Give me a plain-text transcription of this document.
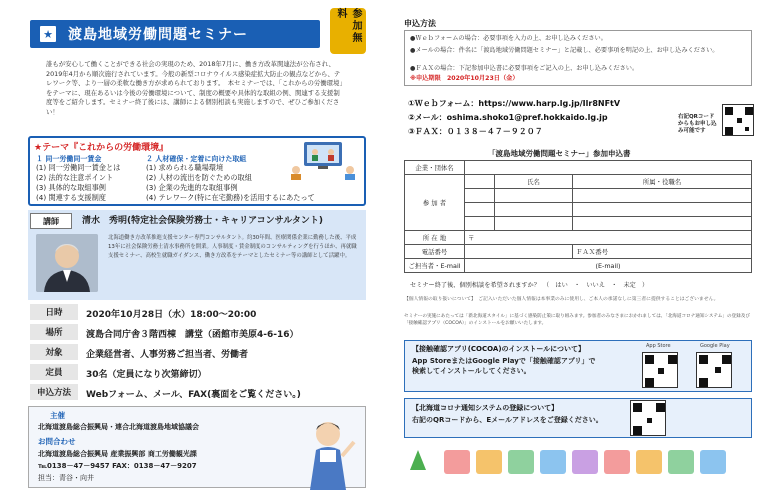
★	渡島地域労働問題セミナー	参加無料
誰もが安心して働くことができる社会の実現のため、2018年7月に、働き方改革関連法が公布され、2019年4月から順次施行されています。今般の新型コロナウイルス感染症拡大防止の観点などから、テレワーク等、より一層の柔軟な働き方が求められております。　本セミナーでは、「これからの労働環境」をテーマに、現在あるいは今後の労働環境について、制度の概要や具体的な取組の例、関連する支援制度等をご紹介します。セミナー終了後には、講師による個別相談も実施しますので、ぜひご参加ください！
★テーマ『これからの労働環境』
１ 同一労働同一賃金
(1) 同一労働同一賃金とは
(2) 法的な注意ポイント
(3) 具体的な取組事例
(4) 関連する支援制度
２ 人材確保・定着に向けた取組
(1) 求められる職場環境
(2) 人材の流出を防ぐための取組
(3) 企業の先進的な取組事例
(4) テレワーク(特に在宅勤務)を活用するにあたって
講師	清水　秀明(特定社会保険労務士・キャリアコンサルタント)
北海道働き方改革推進支援センター専門コンサルタント。約30年間、医療関係企業に勤務した後、平成13年に社会保険労務士清水事務所を開業。人事制度・賃金制度のコンサルティングを行うほか、再就職支援セミナー、高校生就職ガイダンス、働き方改革をテーマとしたセミナー等の講師として活躍中。
日時	2020年10月28日（水）18:00～20:00
場所	渡島合同庁舎３階西棟　講堂（函館市美原4-6-16）
対象	企業経営者、人事労務ご担当者、労働者
定員	30名（定員になり次第締切）
申込方法	Webフォーム、メール、FAX(裏面をご覧ください。)
主催
北海道渡島総合振興局・連合北海道渡島地域協議会
お問合わせ
北海道渡島総合振興局 産業振興部 商工労働観光課
℡0138－47－9457 FAX：0138－47－9207
担当：青谷・向井
申込方法
●Ｗｅｂフォームの場合：必要事項を入力の上、お申し込みください。
●メールの場合：件名に「渡島地域労働問題セミナー」と記載し、必要事項を明記の上、お申し込みください。
●ＦＡＸの場合：下記参加申込書に必要事項をご記入の上、お申し込みください。
※申込期限　2020年10月23日（金）
①Ｗｅｂフォーム：https://www.harp.lg.jp/Ilr8NFtV
②メール：oshima.shoko1@pref.hokkaido.lg.jp
③ＦＡＸ：０１３８－４７－９２０７
右記QRコードからもお申し込み可能です
「渡島地域労働問題セミナー」参加申込書
企業・団体名			
参 加 者		氏名	所属・役職名

所 在 地	〒		
電話番号			ＦＡＸ番号
ご担当者・E-mail	(E-mail)		
セミナー終了後、個別相談を希望されますか？　（　はい　・　いいえ　・　未定　）
【個人情報の取り扱いについて】　ご記入いただいた個人情報は本事業のみに使用し、ご本人の承諾なしに第三者に提供することはございません。
セミナーの実施にあたっては「新北海道スタイル」に基づく感染防止策に取り組みます。参加者のみなさまにおかれましては、「北海道コロナ通知システム」の登録及び「接触確認アプリ（COCOA）」のインストールをお願いいたします。
【接触確認アプリ(COCOA)のインストールについて】
App StoreまたはGoogle Playで「接触確認アプリ」で検索してインストールしてください。
App Store	Google Play
【北海道コロナ通知システムの登録について】
右記のQRコードから、Eメールアドレスをご登録ください。
